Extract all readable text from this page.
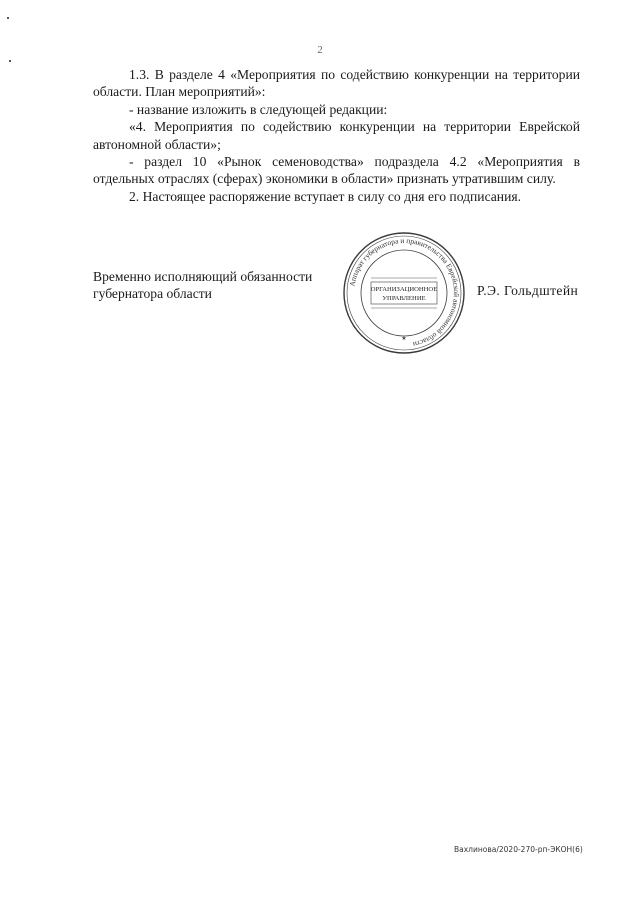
2

1.3. В разделе 4 «Мероприятия по содействию конкуренции на территории области. План мероприятий»:

- название изложить в следующей редакции:

«4. Мероприятия по содействию конкуренции на территории Еврейской автономной области»;

- раздел 10 «Рынок семеноводства» подраздела 4.2 «Мероприятия в отдельных отраслях (сферах) экономики в области» признать утратившим силу.

2. Настоящее распоряжение вступает в силу со дня его подписания.

Временно исполняющий обязанности
губернатора области
Аппарат губернатора и правительства Еврейской автономной области
ОРГАНИЗАЦИОННОЕ
УПРАВЛЕНИЕ
★
Р.Э. Гольдштейн
Вахлинова/2020-270-рп-ЭКОН(6)
